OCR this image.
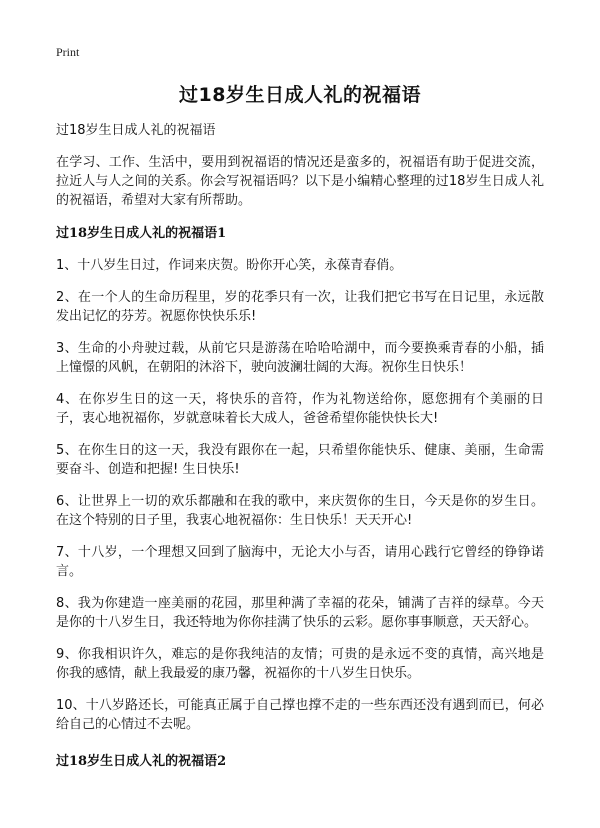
Print

过18岁生日成人礼的祝福语

过18岁生日成人礼的祝福语

在学习、工作、生活中，要用到祝福语的情况还是蛮多的，祝福语有助于促进交流，拉近人与人之间的关系。你会写祝福语吗？以下是小编精心整理的过18岁生日成人礼的祝福语，希望对大家有所帮助。

过18岁生日成人礼的祝福语1
1、十八岁生日过，作词来庆贺。盼你开心笑，永葆青春俏。
2、在一个人的生命历程里，岁的花季只有一次，让我们把它书写在日记里，永远散发出记忆的芬芳。祝愿你快快乐乐!
3、生命的小舟驶过载，从前它只是游荡在哈哈哈湖中，而今要换乘青春的小船，插上憧憬的风帆，在朝阳的沐浴下，驶向波澜壮阔的大海。祝你生日快乐！
4、在你岁生日的这一天，将快乐的音符，作为礼物送给你，愿您拥有个美丽的日子，衷心地祝福你，岁就意味着长大成人，爸爸希望你能快快长大!
5、在你生日的这一天，我没有跟你在一起，只希望你能快乐、健康、美丽，生命需要奋斗、创造和把握! 生日快乐!
6、让世界上一切的欢乐都融和在我的歌中，来庆贺你的生日，今天是你的岁生日。在这个特别的日子里，我衷心地祝福你：生日快乐！天天开心!
7、十八岁，一个理想又回到了脑海中，无论大小与否，请用心践行它曾经的铮铮诺言。
8、我为你建造一座美丽的花园，那里种满了幸福的花朵，铺满了吉祥的绿草。今天是你的十八岁生日，我还特地为你你挂满了快乐的云彩。愿你事事顺意，天天舒心。
9、你我相识许久，难忘的是你我纯洁的友情；可贵的是永远不变的真情，高兴地是你我的感情，献上我最爱的康乃馨，祝福你的十八岁生日快乐。
10、十八岁路还长，可能真正属于自己撑也撑不走的一些东西还没有遇到而已，何必给自己的心情过不去呢。
过18岁生日成人礼的祝福语2
